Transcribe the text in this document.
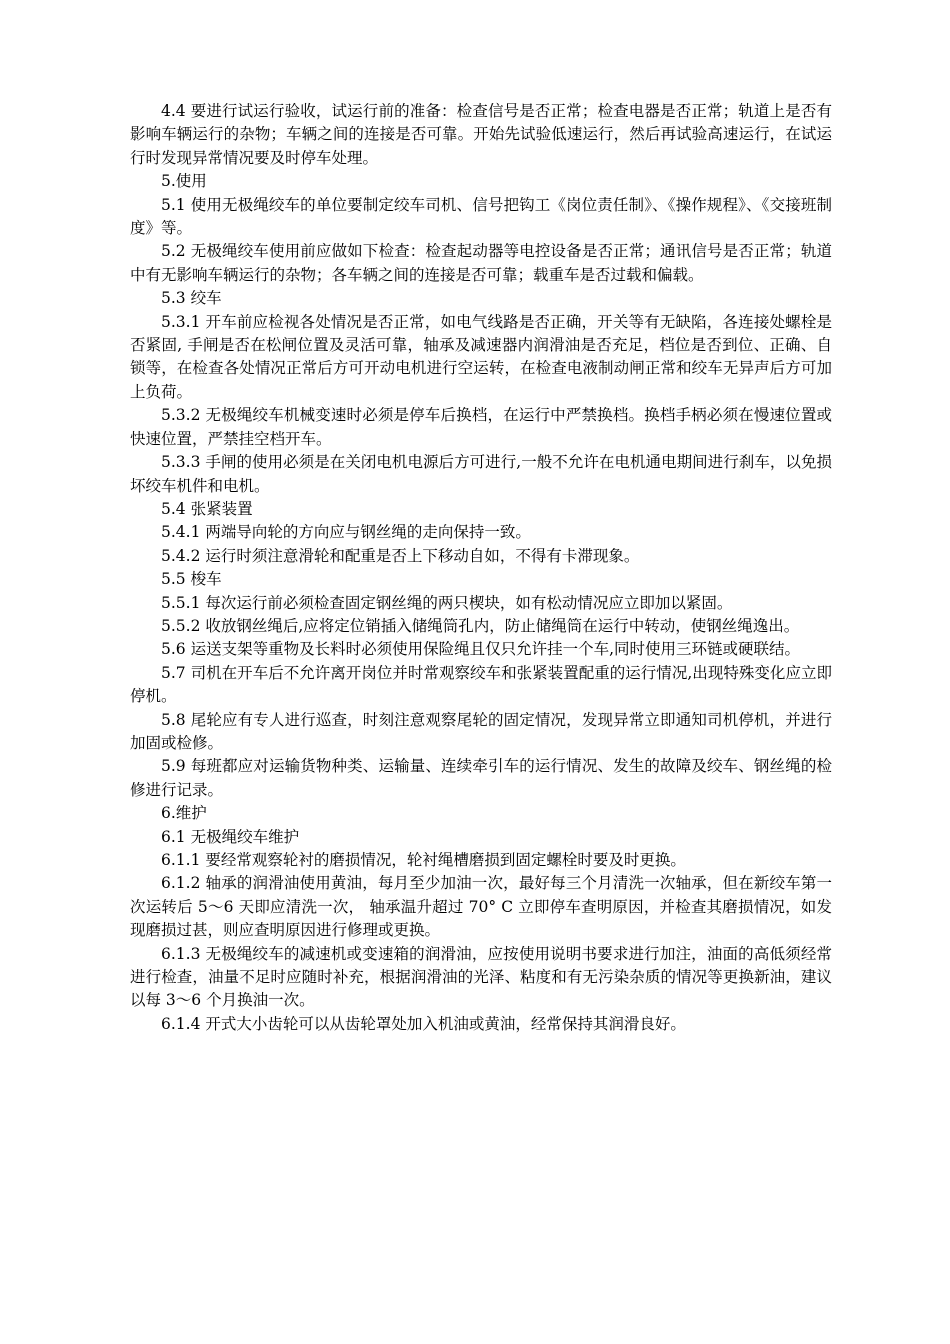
4.4 要进行试运行验收，试运行前的准备：检查信号是否正常；检查电器是否正常；轨道上是否有影响车辆运行的杂物；车辆之间的连接是否可靠。开始先试验低速运行，然后再试验高速运行，在试运行时发现异常情况要及时停车处理。

5.使用

5.1 使用无极绳绞车的单位要制定绞车司机、信号把钩工《岗位责任制》、《操作规程》、《交接班制度》等。

5.2 无极绳绞车使用前应做如下检查：检查起动器等电控设备是否正常；通讯信号是否正常；轨道中有无影响车辆运行的杂物；各车辆之间的连接是否可靠；载重车是否过载和偏载。

5.3 绞车

5.3.1 开车前应检视各处情况是否正常，如电气线路是否正确，开关等有无缺陷，各连接处螺栓是否紧固, 手闸是否在松闸位置及灵活可靠，轴承及减速器内润滑油是否充足，档位是否到位、正确、自锁等，在检查各处情况正常后方可开动电机进行空运转，在检查电液制动闸正常和绞车无异声后方可加上负荷。

5.3.2 无极绳绞车机械变速时必须是停车后换档，在运行中严禁换档。换档手柄必须在慢速位置或快速位置，严禁挂空档开车。

5.3.3 手闸的使用必须是在关闭电机电源后方可进行,一般不允许在电机通电期间进行刹车，以免损坏绞车机件和电机。

5.4 张紧装置

5.4.1 两端导向轮的方向应与钢丝绳的走向保持一致。

5.4.2 运行时须注意滑轮和配重是否上下移动自如，不得有卡滞现象。

5.5 梭车

5.5.1 每次运行前必须检查固定钢丝绳的两只楔块，如有松动情况应立即加以紧固。

5.5.2 收放钢丝绳后,应将定位销插入储绳筒孔内，防止储绳筒在运行中转动，使钢丝绳逸出。

5.6 运送支架等重物及长料时必须使用保险绳且仅只允许挂一个车,同时使用三环链或硬联结。

5.7 司机在开车后不允许离开岗位并时常观察绞车和张紧装置配重的运行情况,出现特殊变化应立即停机。

5.8 尾轮应有专人进行巡查，时刻注意观察尾轮的固定情况，发现异常立即通知司机停机，并进行加固或检修。

5.9 每班都应对运输货物种类、运输量、连续牵引车的运行情况、发生的故障及绞车、钢丝绳的检修进行记录。

6.维护

6.1 无极绳绞车维护

6.1.1 要经常观察轮衬的磨损情况，轮衬绳槽磨损到固定螺栓时要及时更换。

6.1.2 轴承的润滑油使用黄油，每月至少加油一次，最好每三个月清洗一次轴承，但在新绞车第一次运转后 5～6 天即应清洗一次， 轴承温升超过 70° C 立即停车查明原因，并检查其磨损情况，如发现磨损过甚，则应查明原因进行修理或更换。

6.1.3 无极绳绞车的减速机或变速箱的润滑油，应按使用说明书要求进行加注，油面的高低须经常进行检查，油量不足时应随时补充，根据润滑油的光泽、粘度和有无污染杂质的情况等更换新油，建议以每 3～6 个月换油一次。

6.1.4 开式大小齿轮可以从齿轮罩处加入机油或黄油，经常保持其润滑良好。
